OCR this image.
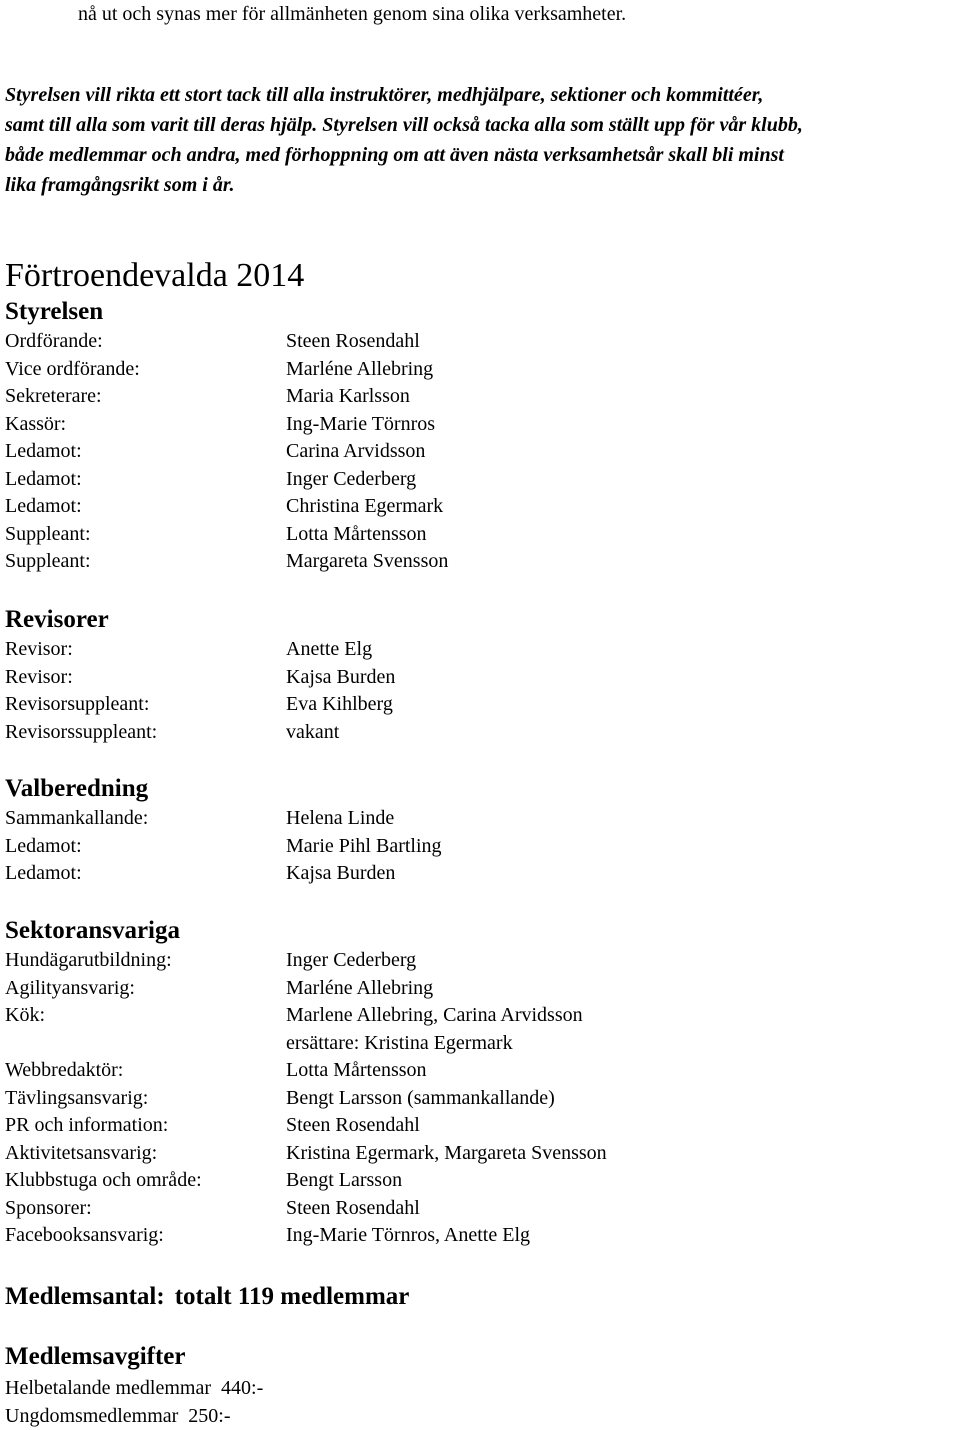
nå ut och synas mer för allmänheten genom sina olika verksamheter.
Styrelsen vill rikta ett stort tack till alla instruktörer, medhjälpare, sektioner och kommittéer,
samt till alla som varit till deras hjälp. Styrelsen vill också tacka alla som ställt upp för vår klubb,
både medlemmar och andra, med förhoppning om att även nästa verksamhetsår skall bli minst
lika framgångsrikt som i år.
Förtroendevalda 2014
Styrelsen
Ordförande:	Steen Rosendahl
Vice ordförande:	Marléne Allebring
Sekreterare:	Maria Karlsson
Kassör:	Ing-Marie Törnros
Ledamot:	Carina Arvidsson
Ledamot:	Inger Cederberg
Ledamot:	Christina Egermark
Suppleant:	Lotta Mårtensson
Suppleant:	Margareta Svensson
Revisorer
Revisor:	Anette Elg
Revisor:	Kajsa Burden
Revisorsuppleant:	Eva Kihlberg
Revisorssuppleant:	vakant
Valberedning
Sammankallande:	Helena Linde
Ledamot:	Marie Pihl Bartling
Ledamot:	Kajsa Burden
Sektoransvariga
Hundägarutbildning:	Inger Cederberg
Agilityansvarig:	Marléne Allebring
Kök:	Marlene Allebring, Carina Arvidsson
ersättare: Kristina Egermark
Webbredaktör:	Lotta Mårtensson
Tävlingsansvarig:	Bengt Larsson (sammankallande)
PR och information:	Steen Rosendahl
Aktivitetsansvarig:	Kristina Egermark, Margareta Svensson
Klubbstuga och område:	Bengt Larsson
Sponsorer:	Steen Rosendahl
Facebooksansvarig:	Ing-Marie Törnros, Anette Elg
Medlemsantal: totalt 119 medlemmar
Medlemsavgifter
Helbetalande medlemmar  440:-
Ungdomsmedlemmar  250:-
